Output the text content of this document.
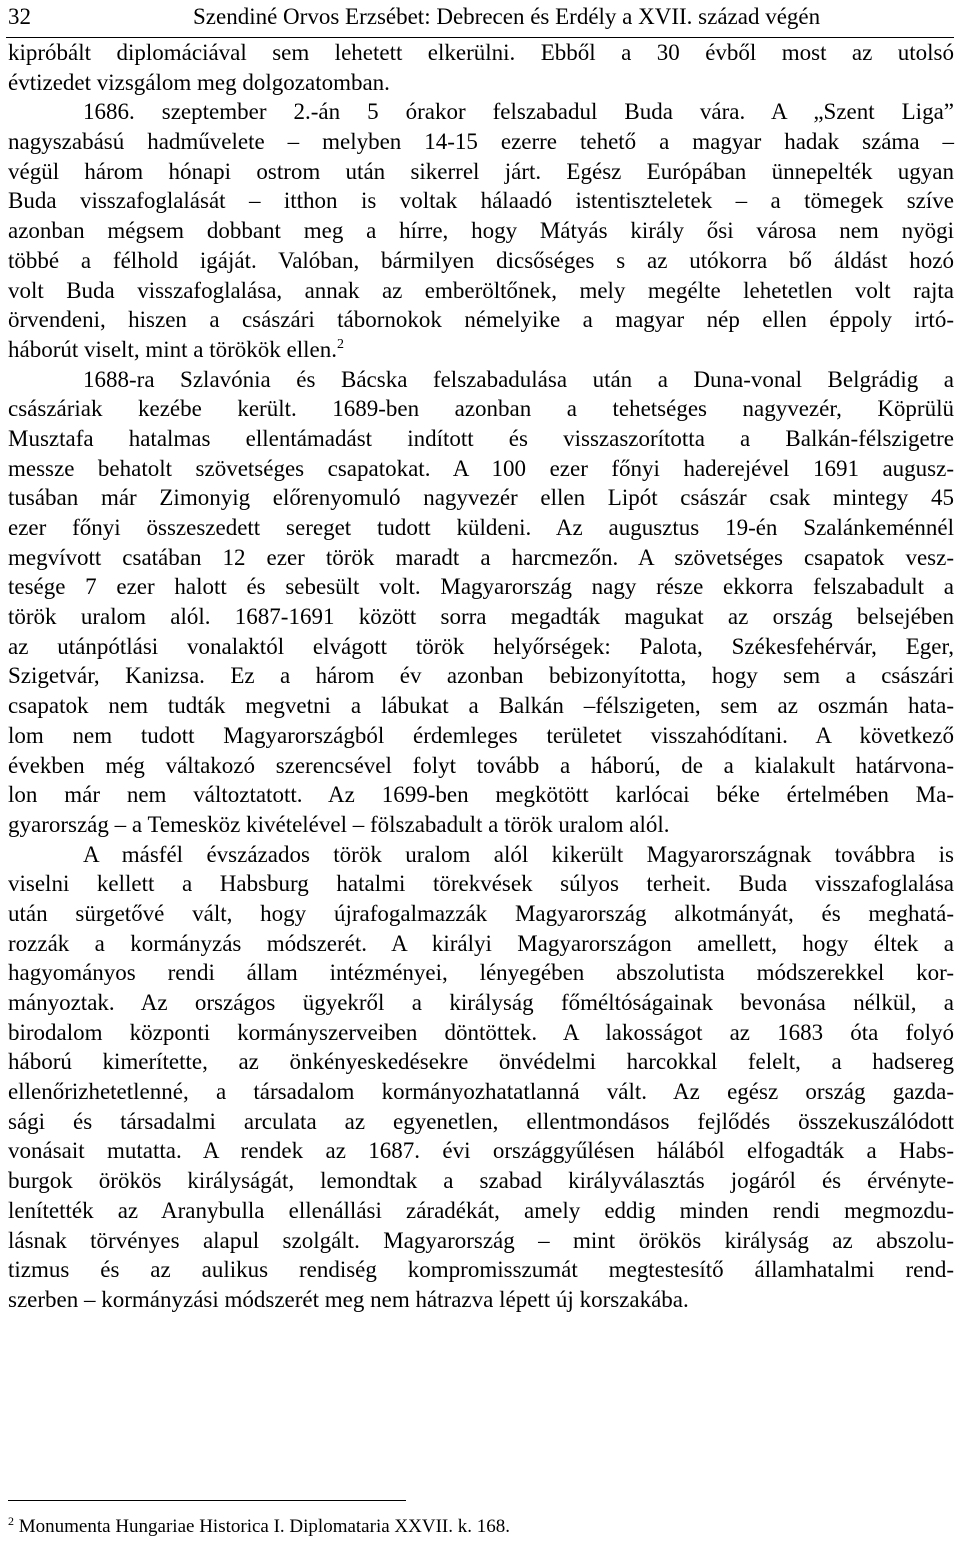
32	Szendiné Orvos Erzsébet: Debrecen és Erdély a XVII. század végén
kipróbált diplomáciával sem lehetett elkerülni. Ebből a 30 évből most az utolsó
évtizedet vizsgálom meg dolgozatomban.
1686. szeptember 2.-án 5 órakor felszabadul Buda vára. A „Szent Liga”
nagyszabású hadművelete – melyben 14-15 ezerre tehető a magyar hadak száma –
végül három hónapi ostrom után sikerrel járt. Egész Európában ünnepelték ugyan
Buda visszafoglalását – itthon is voltak hálaadó istentiszteletek – a tömegek szíve
azonban mégsem dobbant meg a hírre, hogy Mátyás király ősi városa nem nyögi
többé a félhold igáját. Valóban, bármilyen dicsőséges s az utókorra bő áldást hozó
volt Buda visszafoglalása, annak az emberöltőnek, mely megélte lehetetlen volt rajta
örvendeni, hiszen a császári tábornokok némelyike a magyar nép ellen éppoly irtó-
háborút viselt, mint a törökök ellen.$^2$
1688-ra Szlavónia és Bácska felszabadulása után a Duna-vonal Belgrádig a
császáriak kezébe került. 1689-ben azonban a tehetséges nagyvezér, Köprülü
Musztafa hatalmas ellentámadást indított és visszaszorította a Balkán-félszigetre
messze behatolt szövetséges csapatokat. A 100 ezer főnyi haderejével 1691 augusz-
tusában már Zimonyig előrenyomuló nagyvezér ellen Lipót császár csak mintegy 45
ezer főnyi összeszedett sereget tudott küldeni. Az augusztus 19-én Szalánkeménnél
megvívott csatában 12 ezer török maradt a harcmezőn. A szövetséges csapatok vesz-
tesége 7 ezer halott és sebesült volt. Magyarország nagy része ekkorra felszabadult a
török uralom alól. 1687-1691 között sorra megadták magukat az ország belsejében
az utánpótlási vonalaktól elvágott török helyőrségek: Palota, Székesfehérvár, Eger,
Szigetvár, Kanizsa. Ez a három év azonban bebizonyította, hogy sem a császári
csapatok nem tudták megvetni a lábukat a Balkán –félszigeten, sem az oszmán hata-
lom nem tudott Magyarországból érdemleges területet visszahódítani. A következő
években még váltakozó szerencsével folyt tovább a háború, de a kialakult határvona-
lon már nem változtatott. Az 1699-ben megkötött karlócai béke értelmében Ma-
gyarország – a Temesköz kivételével – fölszabadult a török uralom alól.
A másfél évszázados török uralom alól kikerült Magyarországnak továbbra is
viselni kellett a Habsburg hatalmi törekvések súlyos terheit. Buda visszafoglalása
után sürgetővé vált, hogy újrafogalmazzák Magyarország alkotmányát, és meghatá-
rozzák a kormányzás módszerét. A királyi Magyarországon amellett, hogy éltek a
hagyományos rendi állam intézményei, lényegében abszolutista módszerekkel kor-
mányoztak. Az országos ügyekről a királyság főméltóságainak bevonása nélkül, a
birodalom központi kormányszerveiben döntöttek. A lakosságot az 1683 óta folyó
háború kimerítette, az önkényeskedésekre önvédelmi harcokkal felelt, a hadsereg
ellenőrizhetetlenné, a társadalom kormányozhatatlanná vált. Az egész ország gazda-
sági és társadalmi arculata az egyenetlen, ellentmondásos fejlődés összekuszálódott
vonásait mutatta. A rendek az 1687. évi országgyűlésen hálából elfogadták a Habs-
burgok örökös királyságát, lemondtak a szabad királyválasztás jogáról és érvényte-
lenítették az Aranybulla ellenállási záradékát, amely eddig minden rendi megmozdu-
lásnak törvényes alapul szolgált. Magyarország – mint örökös királyság az abszolu-
tizmus és az aulikus rendiség kompromisszumát megtestesítő államhatalmi rend-
szerben – kormányzási módszerét meg nem hátrazva lépett új korszakába.
$^2$ Monumenta Hungariae Historica I. Diplomataria XXVII. k. 168.
